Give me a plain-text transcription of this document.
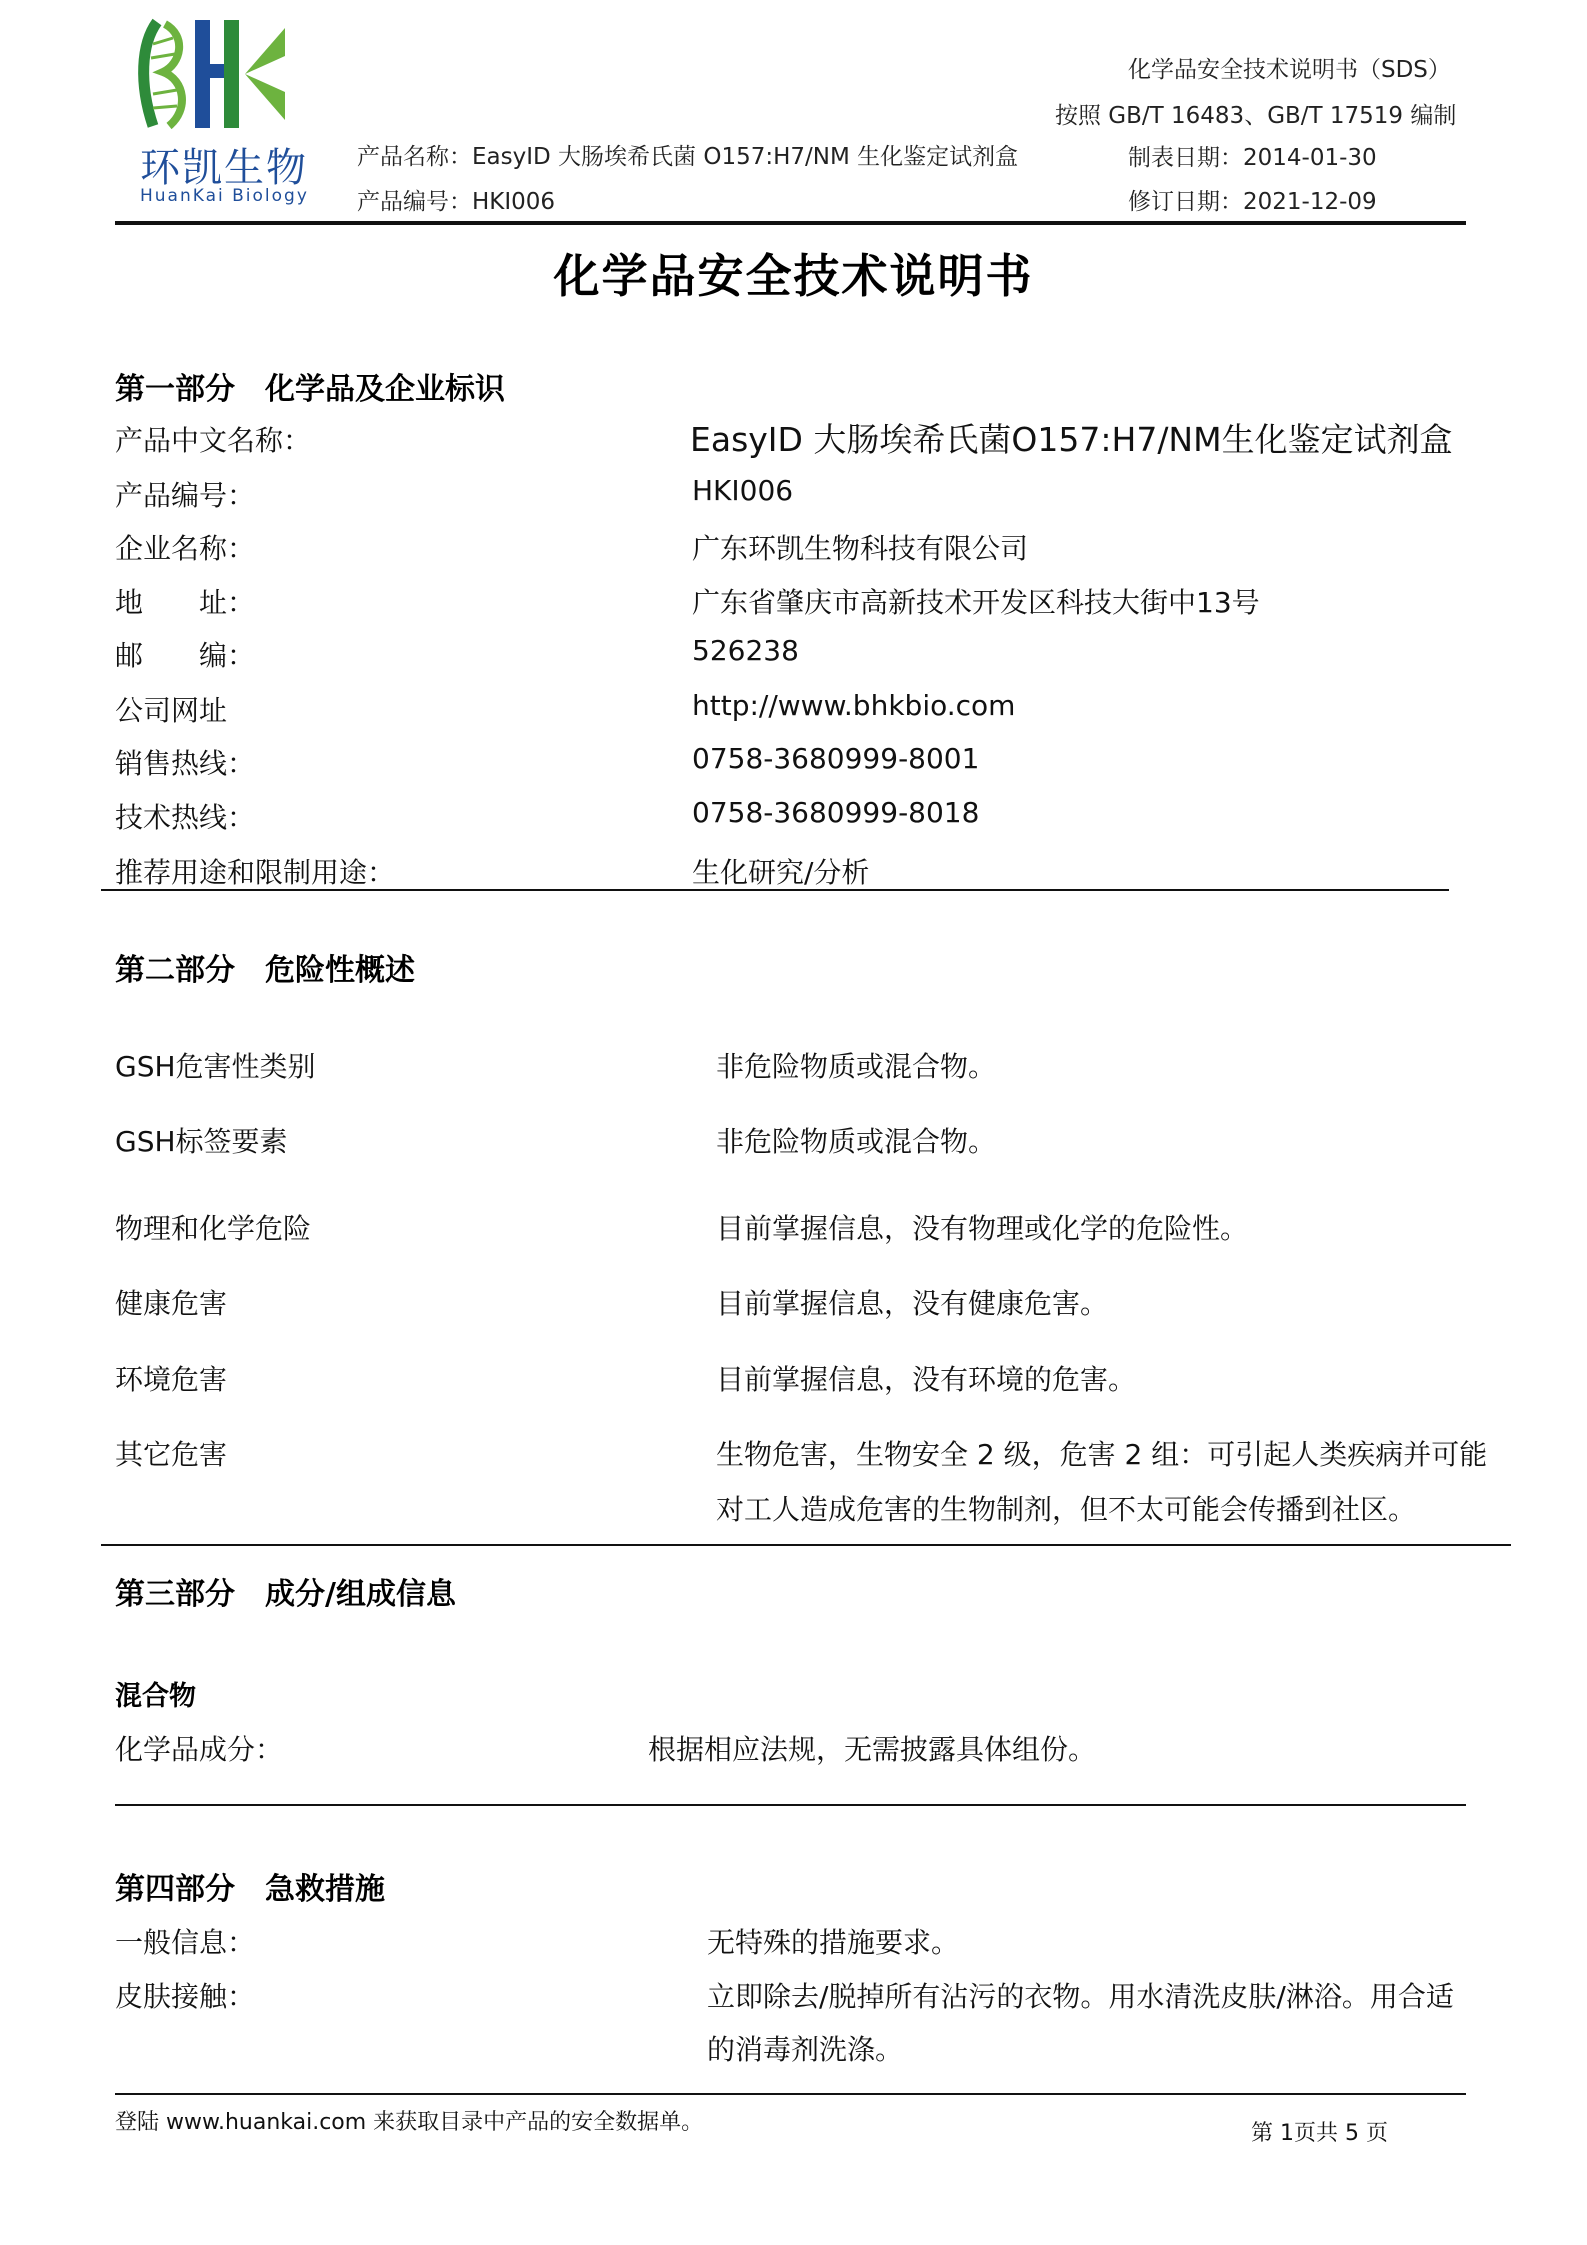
环凯生物
HuanKai Biology
产品名称：EasyID 大肠埃希氏菌 O157:H7/NM 生化鉴定试剂盒
产品编号：HKI006
化学品安全技术说明书（SDS）
按照 GB/T 16483、GB/T 17519 编制
制表日期：2014-01-30
修订日期：2021-12-09
化学品安全技术说明书
第一部分　化学品及企业标识
产品中文名称：	EasyID 大肠埃希氏菌O157:H7/NM生化鉴定试剂盒
产品编号：	HKI006
企业名称：	广东环凯生物科技有限公司
地　　址：	广东省肇庆市高新技术开发区科技大街中13号
邮　　编：	526238
公司网址	http://www.bhkbio.com
销售热线：	0758-3680999-8001
技术热线：	0758-3680999-8018
推荐用途和限制用途：	生化研究/分析
第二部分　危险性概述
GSH危害性类别	非危险物质或混合物。
GSH标签要素	非危险物质或混合物。
物理和化学危险	目前掌握信息，没有物理或化学的危险性。
健康危害	目前掌握信息，没有健康危害。
环境危害	目前掌握信息，没有环境的危害。
其它危害	生物危害，生物安全 2 级，危害 2 组：可引起人类疾病并可能
对工人造成危害的生物制剂，但不太可能会传播到社区。
第三部分　成分/组成信息
混合物
化学品成分：	根据相应法规，无需披露具体组份。
第四部分　急救措施
一般信息：	无特殊的措施要求。
皮肤接触：	立即除去/脱掉所有沾污的衣物。用水清洗皮肤/淋浴。用合适
的消毒剂洗涤。
登陆 www.huankai.com 来获取目录中产品的安全数据单。	第 1页共 5 页
